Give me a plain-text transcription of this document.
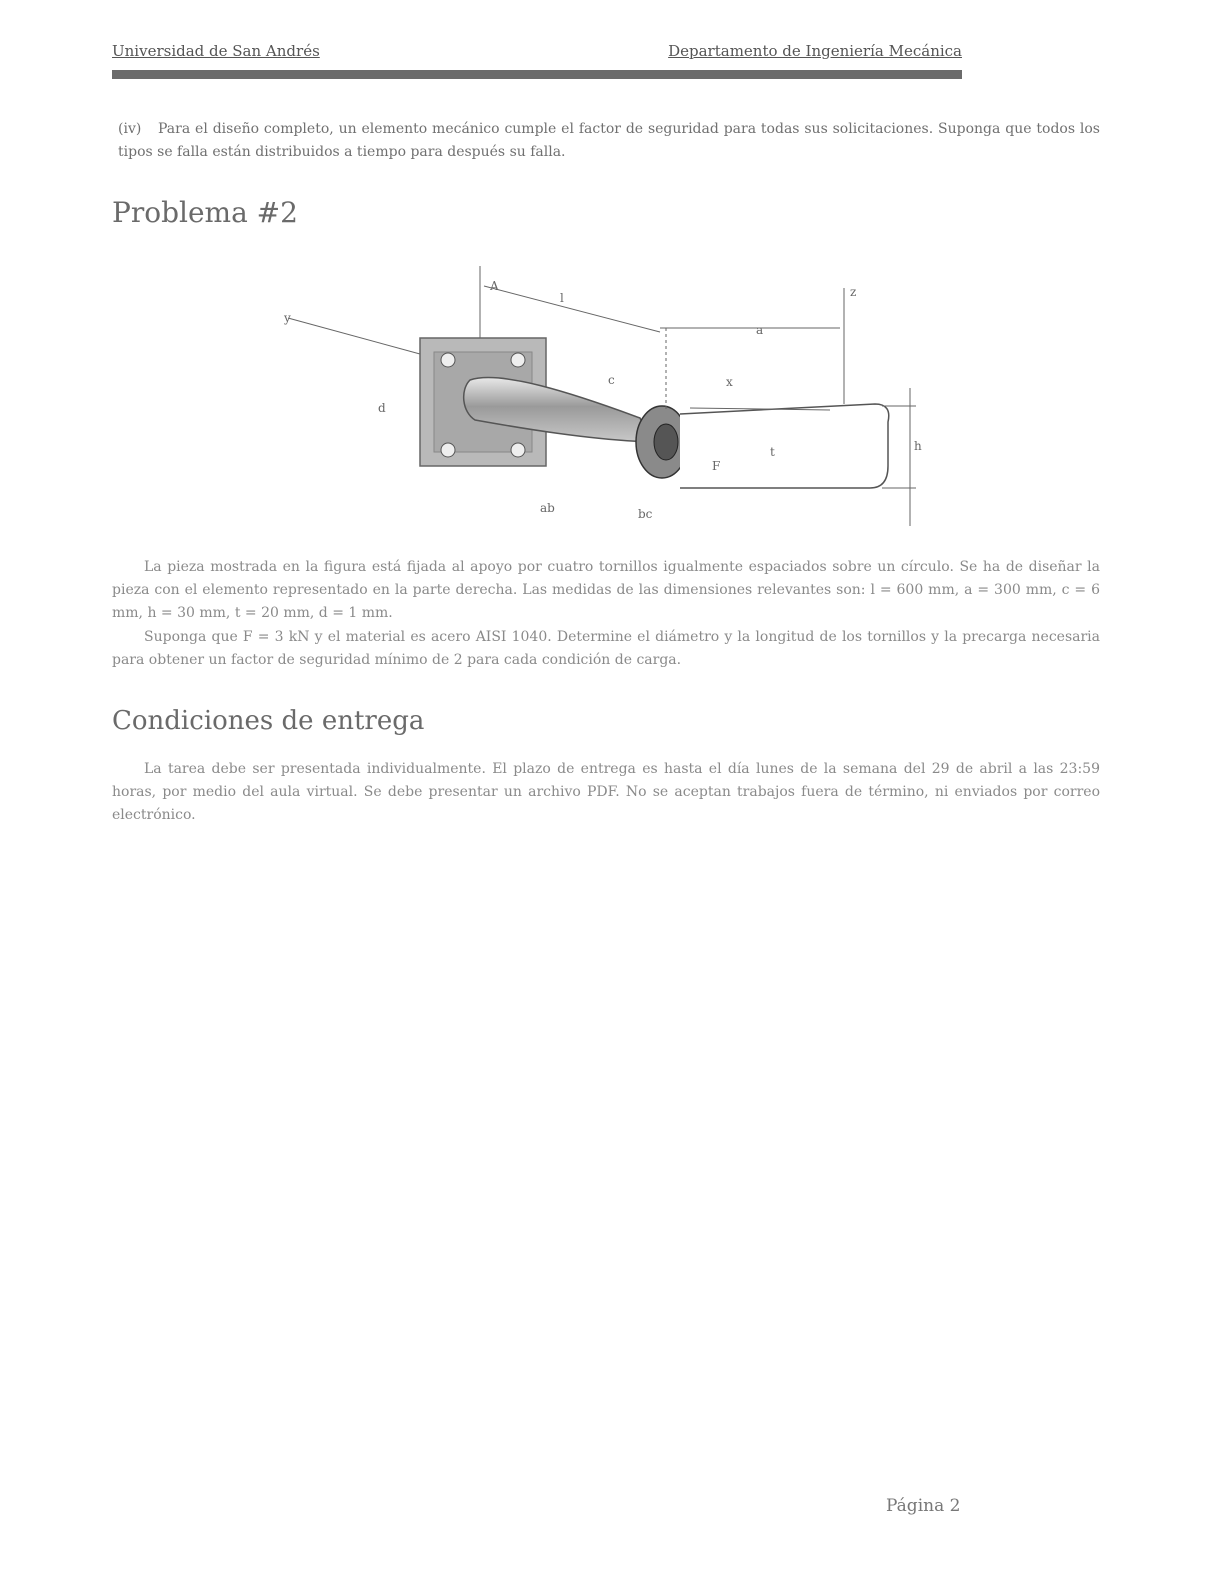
Universidad de San Andrés	Departamento de Ingeniería Mecánica
(iv) Para el diseño completo, un elemento mecánico cumple el factor de seguridad para todas sus solicitaciones. Suponga que todos los tipos se falla están distribuidos a tiempo para después su falla.
Problema #2
A
l	z
a
y
c	x
h
t
d
ab	bc
F

La pieza mostrada en la figura está fijada al apoyo por cuatro tornillos igualmente espaciados sobre un círculo. Se ha de diseñar la pieza con el elemento representado en la parte derecha. Las medidas de las dimensiones relevantes son: l = 600 mm, a = 300 mm, c = 6 mm, h = 30 mm, t = 20 mm, d = 1 mm.

Suponga que F = 3 kN y el material es acero AISI 1040. Determine el diámetro y la longitud de los tornillos y la precarga necesaria para obtener un factor de seguridad mínimo de 2 para cada condición de carga.

Condiciones de entrega

La tarea debe ser presentada individualmente. El plazo de entrega es hasta el día lunes de la semana del 29 de abril a las 23:59 horas, por medio del aula virtual. Se debe presentar un archivo PDF. No se aceptan trabajos fuera de término, ni enviados por correo electrónico.

Página 2
